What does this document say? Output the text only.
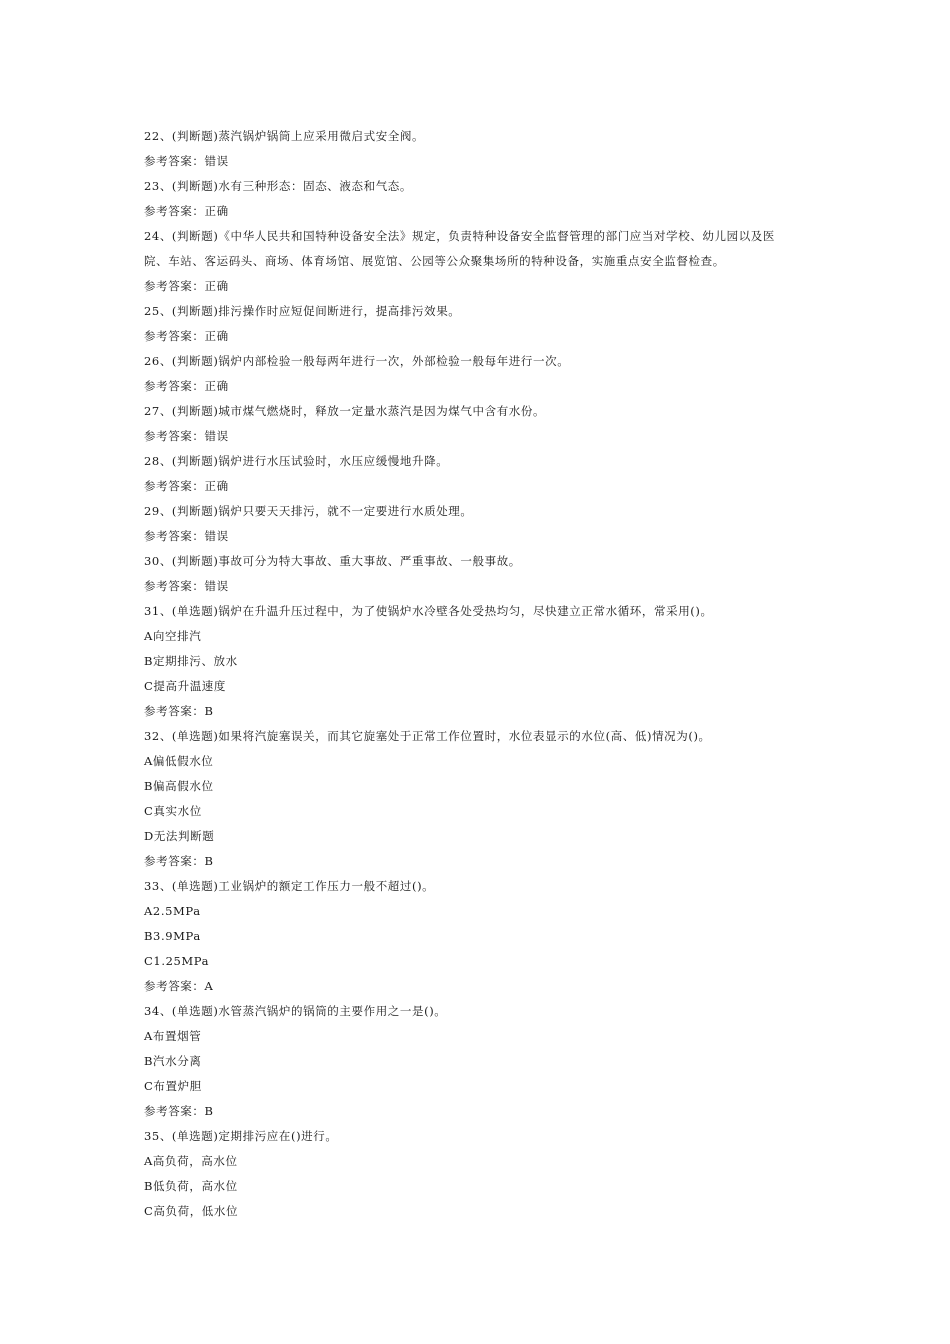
22、(判断题)蒸汽锅炉锅筒上应采用微启式安全阀。
参考答案：错误
23、(判断题)水有三种形态：固态、液态和气态。
参考答案：正确
24、(判断题)《中华人民共和国特种设备安全法》规定，负责特种设备安全监督管理的部门应当对学校、幼儿园以及医
院、车站、客运码头、商场、体育场馆、展览馆、公园等公众聚集场所的特种设备，实施重点安全监督检查。
参考答案：正确
25、(判断题)排污操作时应短促间断进行，提高排污效果。
参考答案：正确
26、(判断题)锅炉内部检验一般每两年进行一次，外部检验一般每年进行一次。
参考答案：正确
27、(判断题)城市煤气燃烧时，释放一定量水蒸汽是因为煤气中含有水份。
参考答案：错误
28、(判断题)锅炉进行水压试验时，水压应缓慢地升降。
参考答案：正确
29、(判断题)锅炉只要天天排污，就不一定要进行水质处理。
参考答案：错误
30、(判断题)事故可分为特大事故、重大事故、严重事故、一般事故。
参考答案：错误
31、(单选题)锅炉在升温升压过程中，为了使锅炉水冷壁各处受热均匀，尽快建立正常水循环，常采用()。
A向空排汽
B定期排污、放水
C提高升温速度
参考答案：B
32、(单选题)如果将汽旋塞误关，而其它旋塞处于正常工作位置时，水位表显示的水位(高、低)情况为()。
A偏低假水位
B偏高假水位
C真实水位
D无法判断题
参考答案：B
33、(单选题)工业锅炉的额定工作压力一般不超过()。
A2.5MPa
B3.9MPa
C1.25MPa
参考答案：A
34、(单选题)水管蒸汽锅炉的锅筒的主要作用之一是()。
A布置烟管
B汽水分离
C布置炉胆
参考答案：B
35、(单选题)定期排污应在()进行。
A高负荷，高水位
B低负荷，高水位
C高负荷，低水位
